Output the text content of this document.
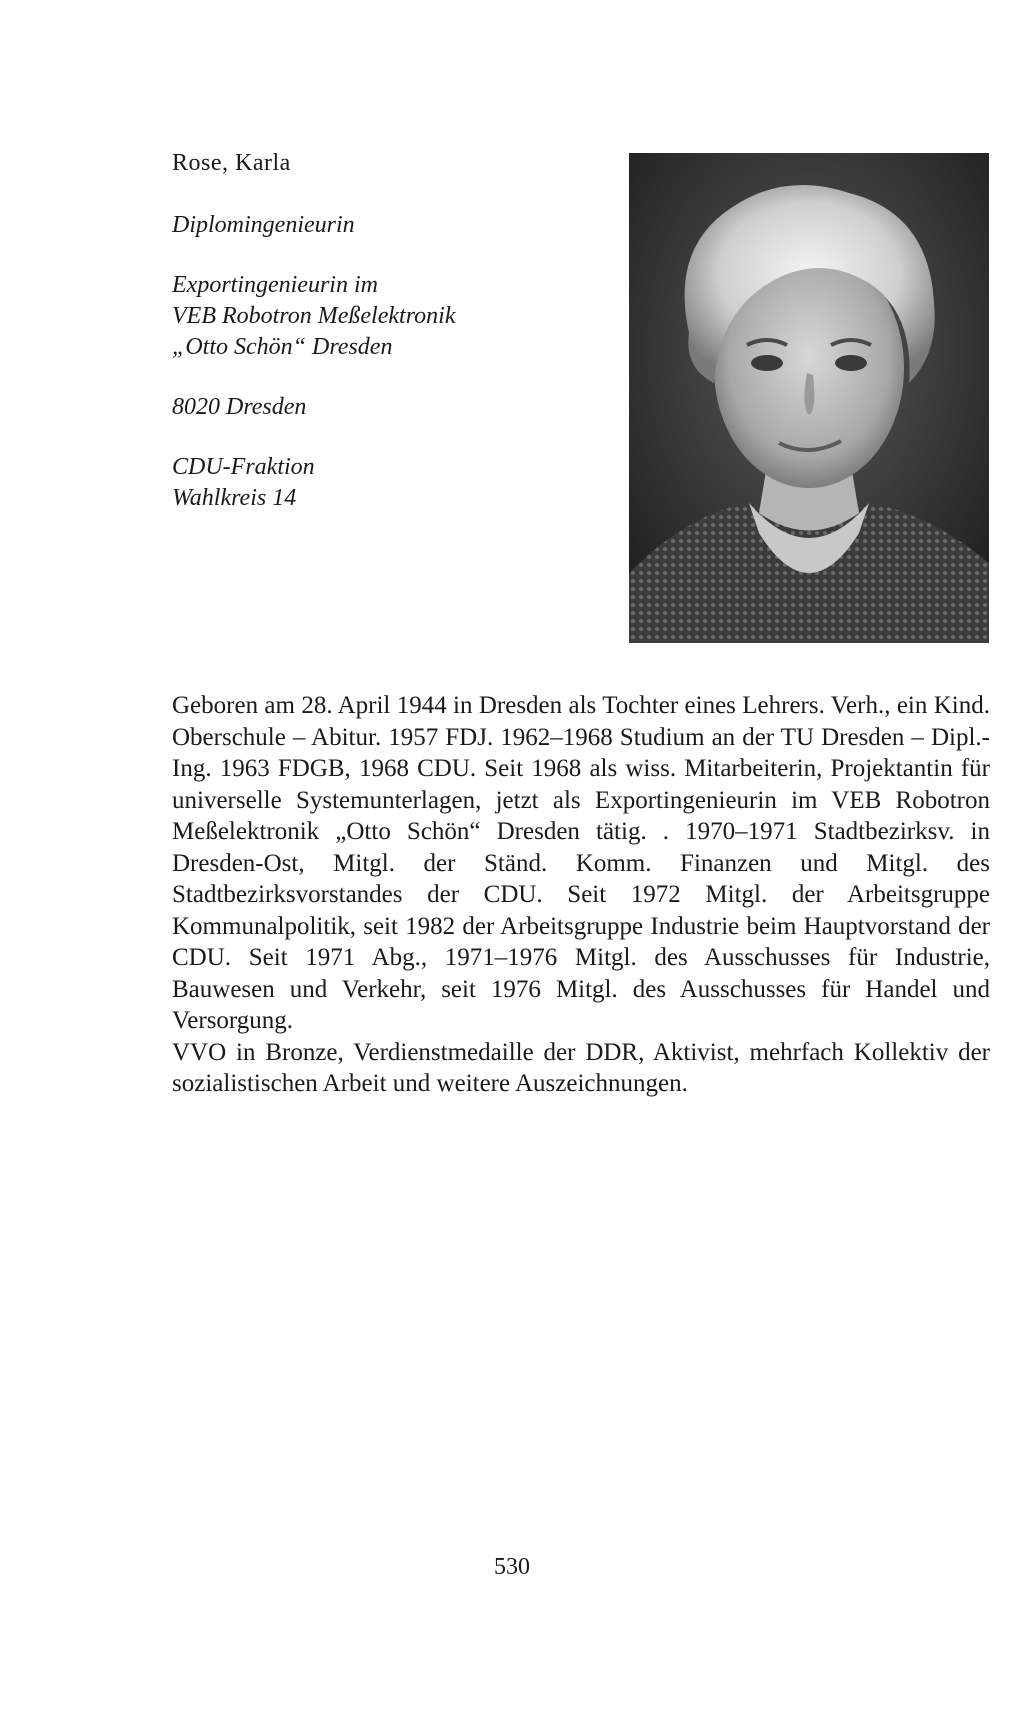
Rose, Karla
Diplomingenieurin
Exportingenieurin im
VEB Robotron Meßelektronik
„Otto Schön“ Dresden
8020 Dresden
CDU-Fraktion
Wahlkreis 14

Geboren am 28. April 1944 in Dresden als Tochter eines Lehrers. Verh., ein Kind. Oberschule – Abitur. 1957 FDJ. 1962–1968 Studium an der TU Dresden – Dipl.-Ing. 1963 FDGB, 1968 CDU. Seit 1968 als wiss. Mitarbeiterin, Projektantin für universelle Systemunterlagen, jetzt als Exportingenieurin im VEB Robotron Meßelektronik „Otto Schön“ Dresden tätig. . 1970–1971 Stadtbezirksv. in Dresden-Ost, Mitgl. der Ständ. Komm. Finanzen und Mitgl. des Stadtbezirksvorstandes der CDU. Seit 1972 Mitgl. der Arbeitsgruppe Kommunalpolitik, seit 1982 der Arbeitsgruppe Industrie beim Hauptvorstand der CDU. Seit 1971 Abg., 1971–1976 Mitgl. des Ausschusses für Industrie, Bauwesen und Verkehr, seit 1976 Mitgl. des Ausschusses für Handel und Versorgung.

VVO in Bronze, Verdienstmedaille der DDR, Aktivist, mehrfach Kollektiv der sozialistischen Arbeit und weitere Auszeichnungen.

530
